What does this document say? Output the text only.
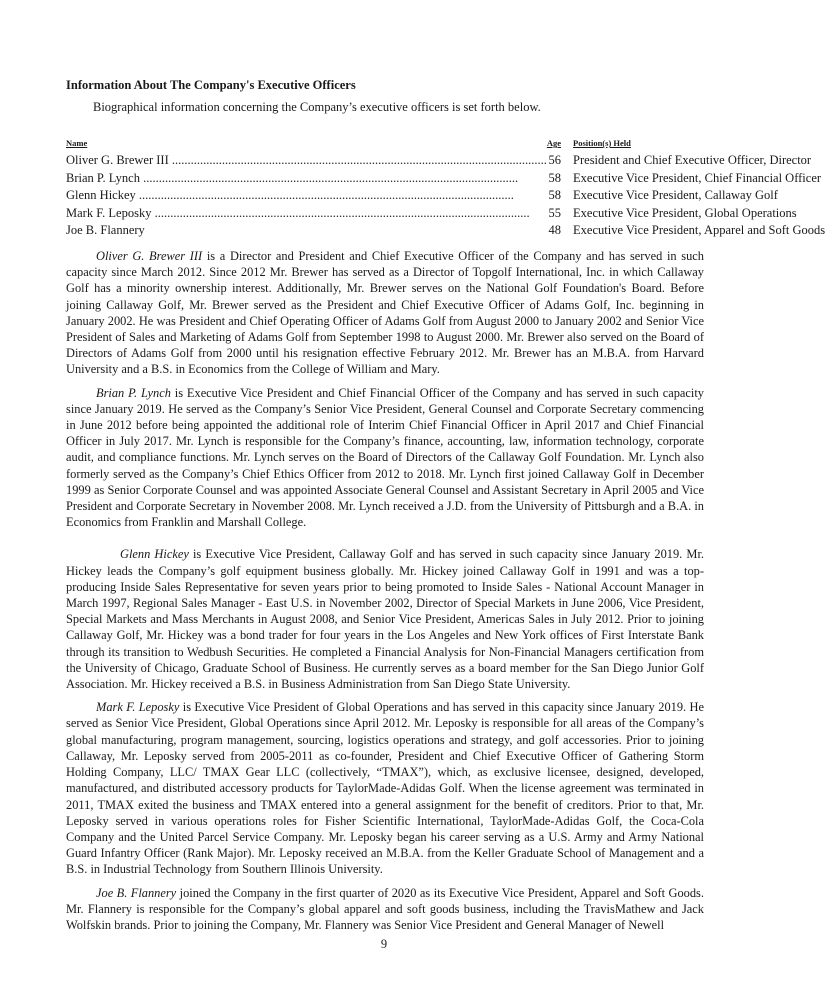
Information About The Company's Executive Officers

Biographical information concerning the Company’s executive officers is set forth below.

Name	Age	Position(s) Held

Oliver G. Brewer III .....	56	President and Chief Executive Officer, Director

Brian P. Lynch .....	58	Executive Vice President, Chief Financial Officer

Glenn Hickey .....	58	Executive Vice President, Callaway Golf

Mark F. Leposky .....	55	Executive Vice President, Global Operations
Joe B. Flannery	48	Executive Vice President, Apparel and Soft Goods

Oliver G. Brewer III is a Director and President and Chief Executive Officer of the Company and has served in such capacity since March 2012. Since 2012 Mr. Brewer has served as a Director of Topgolf International, Inc. in which Callaway Golf has a minority ownership interest. Additionally, Mr. Brewer serves on the National Golf Foundation's Board. Before joining Callaway Golf, Mr. Brewer served as the President and Chief Executive Officer of Adams Golf, Inc. beginning in January 2002. He was President and Chief Operating Officer of Adams Golf from August 2000 to January 2002 and Senior Vice President of Sales and Marketing of Adams Golf from September 1998 to August 2000. Mr. Brewer also served on the Board of Directors of Adams Golf from 2000 until his resignation effective February 2012. Mr. Brewer has an M.B.A. from Harvard University and a B.S. in Economics from the College of William and Mary.

Brian P. Lynch is Executive Vice President and Chief Financial Officer of the Company and has served in such capacity since January 2019. He served as the Company’s Senior Vice President, General Counsel and Corporate Secretary commencing in June 2012 before being appointed the additional role of Interim Chief Financial Officer in April 2017 and Chief Financial Officer in July 2017. Mr. Lynch is responsible for the Company’s finance, accounting, law, information technology, corporate audit, and compliance functions. Mr. Lynch serves on the Board of Directors of the Callaway Golf Foundation. Mr. Lynch also formerly served as the Company’s Chief Ethics Officer from 2012 to 2018. Mr. Lynch first joined Callaway Golf in December 1999 as Senior Corporate Counsel and was appointed Associate General Counsel and Assistant Secretary in April 2005 and Vice President and Corporate Secretary in November 2008. Mr. Lynch received a J.D. from the University of Pittsburgh and a B.A. in Economics from Franklin and Marshall College.

Glenn Hickey is Executive Vice President, Callaway Golf and has served in such capacity since January 2019. Mr. Hickey leads the Company’s golf equipment business globally. Mr. Hickey joined Callaway Golf in 1991 and was a top-producing Inside Sales Representative for seven years prior to being promoted to Inside Sales - National Account Manager in March 1997, Regional Sales Manager - East U.S. in November 2002, Director of Special Markets in June 2006, Vice President, Special Markets and Mass Merchants in August 2008, and Senior Vice President, Americas Sales in July 2012. Prior to joining Callaway Golf, Mr. Hickey was a bond trader for four years in the Los Angeles and New York offices of First Interstate Bank through its transition to Wedbush Securities. He completed a Financial Analysis for Non-Financial Managers certification from the University of Chicago, Graduate School of Business. He currently serves as a board member for the San Diego Junior Golf Association. Mr. Hickey received a B.S. in Business Administration from San Diego State University.

Mark F. Leposky is Executive Vice President of Global Operations and has served in this capacity since January 2019. He served as Senior Vice President, Global Operations since April 2012. Mr. Leposky is responsible for all areas of the Company’s global manufacturing, program management, sourcing, logistics operations and strategy, and golf accessories. Prior to joining Callaway, Mr. Leposky served from 2005-2011 as co-founder, President and Chief Executive Officer of Gathering Storm Holding Company, LLC/ TMAX Gear LLC (collectively, “TMAX”), which, as exclusive licensee, designed, developed, manufactured, and distributed accessory products for TaylorMade-Adidas Golf. When the license agreement was terminated in 2011, TMAX exited the business and TMAX entered into a general assignment for the benefit of creditors. Prior to that, Mr. Leposky served in various operations roles for Fisher Scientific International, TaylorMade-Adidas Golf, the Coca-Cola Company and the United Parcel Service Company. Mr. Leposky began his career serving as a U.S. Army and Army National Guard Infantry Officer (Rank Major). Mr. Leposky received an M.B.A. from the Keller Graduate School of Management and a B.S. in Industrial Technology from Southern Illinois University.

Joe B. Flannery joined the Company in the first quarter of 2020 as its Executive Vice President, Apparel and Soft Goods. Mr. Flannery is responsible for the Company’s global apparel and soft goods business, including the TravisMathew and Jack Wolfskin brands. Prior to joining the Company, Mr. Flannery was Senior Vice President and General Manager of Newell

9
